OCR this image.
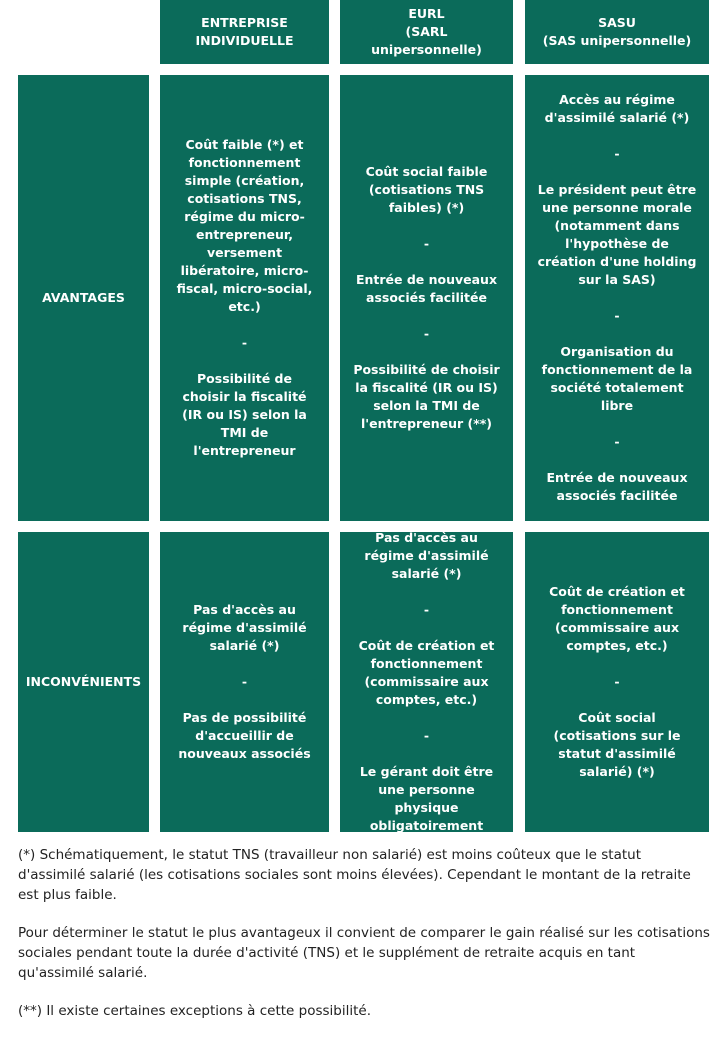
ENTREPRISE
INDIVIDUELLE
EURL
(SARL unipersonnelle)
SASU
(SAS unipersonnelle)
AVANTAGES
Coût faible (*) et fonctionnement simple (création, cotisations TNS, régime du micro-entrepreneur, versement libératoire, micro-fiscal, micro-social, etc.)
-
Possibilité de choisir la fiscalité (IR ou IS) selon la TMI de l'entrepreneur
Coût social faible (cotisations TNS faibles) (*)
-
Entrée de nouveaux associés facilitée
-
Possibilité de choisir la fiscalité (IR ou IS) selon la TMI de l'entrepreneur (**)
Accès au régime d'assimilé salarié (*)
-
Le président peut être une personne morale (notamment dans l'hypothèse de création d'une holding sur la SAS)
-
Organisation du fonctionnement de la société totalement libre
-
Entrée de nouveaux associés facilitée
INCONVÉNIENTS
Pas d'accès au régime d'assimilé salarié (*)
-
Pas de possibilité d'accueillir de nouveaux associés
Pas d'accès au régime d'assimilé salarié (*)
-
Coût de création et fonctionnement (commissaire aux comptes, etc.)
-
Le gérant doit être une personne physique obligatoirement
Coût de création et fonctionnement (commissaire aux comptes, etc.)
-
Coût social (cotisations sur le statut d'assimilé salarié) (*)

(*) Schématiquement, le statut TNS (travailleur non salarié) est moins coûteux que le statut d'assimilé salarié (les cotisations sociales sont moins élevées). Cependant le montant de la retraite est plus faible.

Pour déterminer le statut le plus avantageux il convient de comparer le gain réalisé sur les cotisations sociales pendant toute la durée d'activité (TNS) et le supplément de retraite acquis en tant qu'assimilé salarié.

(**) Il existe certaines exceptions à cette possibilité.
